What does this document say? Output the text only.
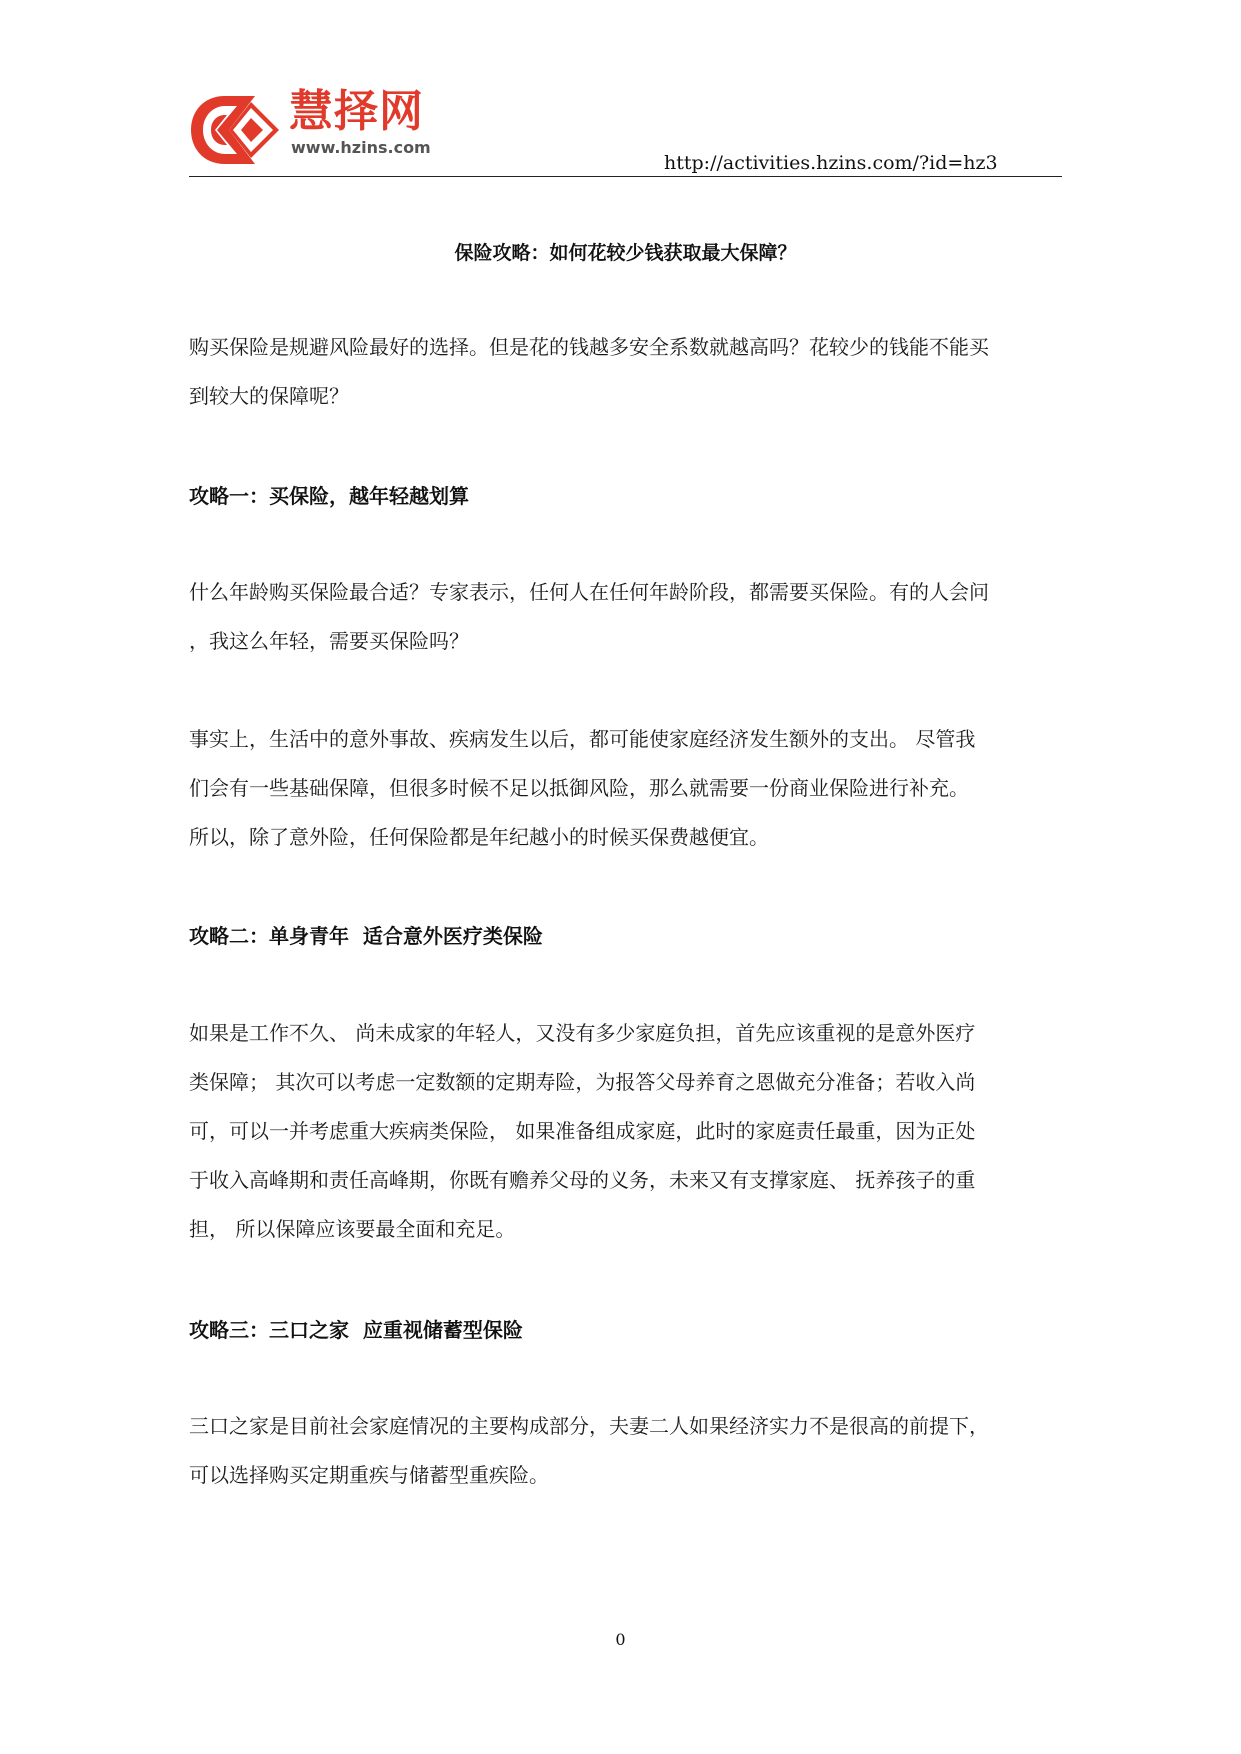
慧择网
www.hzins.com
http://activities.hzins.com/?id=hz3
保险攻略：如何花较少钱获取最大保障？
购买保险是规避风险最好的选择。但是花的钱越多安全系数就越高吗？花较少的钱能不能买
到较大的保障呢？
攻略一：买保险，越年轻越划算
什么年龄购买保险最合适？专家表示，任何人在任何年龄阶段，都需要买保险。有的人会问
，我这么年轻，需要买保险吗？
事实上，生活中的意外事故、疾病发生以后，都可能使家庭经济发生额外的支出。 尽管我
们会有一些基础保障，但很多时候不足以抵御风险，那么就需要一份商业保险进行补充。
所以，除了意外险，任何保险都是年纪越小的时候买保费越便宜。
攻略二：单身青年  适合意外医疗类保险
如果是工作不久、 尚未成家的年轻人，又没有多少家庭负担，首先应该重视的是意外医疗
类保障； 其次可以考虑一定数额的定期寿险，为报答父母养育之恩做充分准备；若收入尚
可，可以一并考虑重大疾病类保险， 如果准备组成家庭，此时的家庭责任最重，因为正处
于收入高峰期和责任高峰期，你既有赡养父母的义务，未来又有支撑家庭、 抚养孩子的重
担， 所以保障应该要最全面和充足。
攻略三：三口之家  应重视储蓄型保险
三口之家是目前社会家庭情况的主要构成部分，夫妻二人如果经济实力不是很高的前提下，
可以选择购买定期重疾与储蓄型重疾险。
0
